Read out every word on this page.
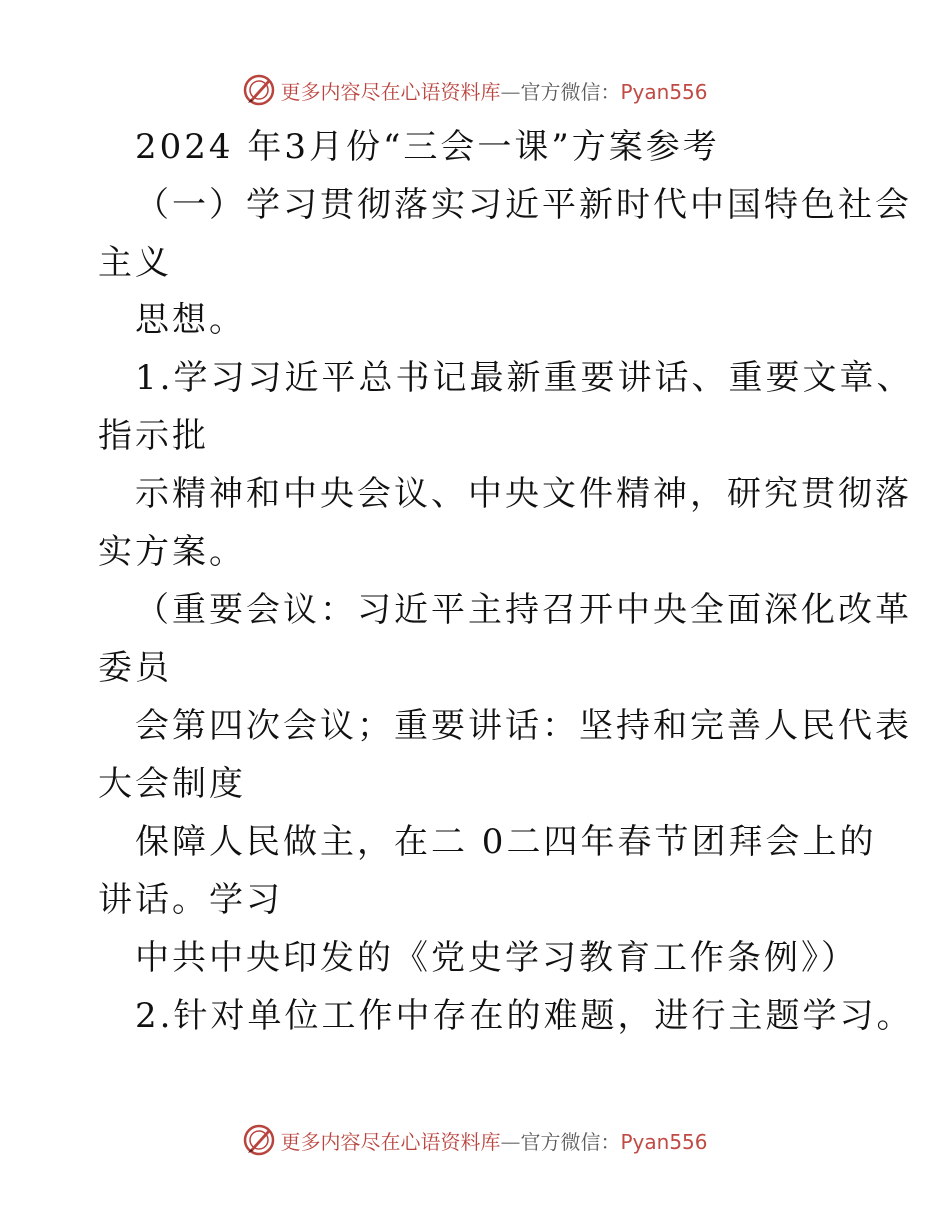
更多内容尽在心语资料库—官方微信：Pyan556
2024 年3月份“三会一课”方案参考
（一）学习贯彻落实习近平新时代中国特色社会
主义
思想。
1.学习习近平总书记最新重要讲话、重要文章、
指示批
示精神和中央会议、中央文件精神，研究贯彻落
实方案。
（重要会议：习近平主持召开中央全面深化改革
委员
会第四次会议；重要讲话：坚持和完善人民代表
大会制度
保障人民做主，在二 0二四年春节团拜会上的
讲话。学习
中共中央印发的《党史学习教育工作条例》）
2.针对单位工作中存在的难题，进行主题学习。
更多内容尽在心语资料库—官方微信：Pyan556
